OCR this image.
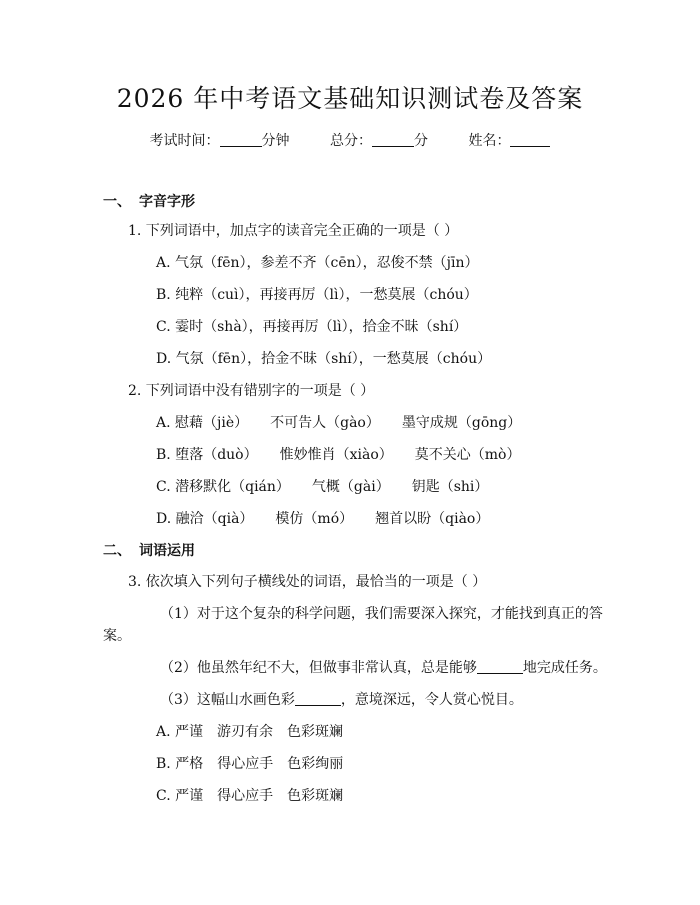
2026 年中考语文基础知识测试卷及答案
考试时间：	分钟	总分：	分	姓名：
一、 字音字形
1. 下列词语中，加点字的读音完全正确的一项是（ ）
A. 气氛（fēn），参差不齐（cēn），忍俊不禁（jīn）
B. 纯粹（cuì），再接再厉（lì），一愁莫展（chóu）
C. 霎时（shà），再接再厉（lì），拾金不昧（shí）
D. 气氛（fēn），拾金不昧（shí），一愁莫展（chóu）
2. 下列词语中没有错别字的一项是（ ）
A. 慰藉（jiè） 不可告人（gào） 墨守成规（gōng）
B. 堕落（duò） 惟妙惟肖（xiào） 莫不关心（mò）
C. 潜移默化（qián） 气概（gài） 钥匙（shi）
D. 融洽（qià） 模仿（mó） 翘首以盼（qiào）
二、 词语运用
3. 依次填入下列句子横线处的词语，最恰当的一项是（ ）
（1）对于这个复杂的科学问题，我们需要深入探究，才能找到真正的答
案。
（2）他虽然年纪不大，但做事非常认真，总是能够	地完成任务。
（3）这幅山水画色彩	，意境深远，令人赏心悦目。
A. 严谨 游刃有余 色彩斑斓
B. 严格 得心应手 色彩绚丽
C. 严谨 得心应手 色彩斑斓
